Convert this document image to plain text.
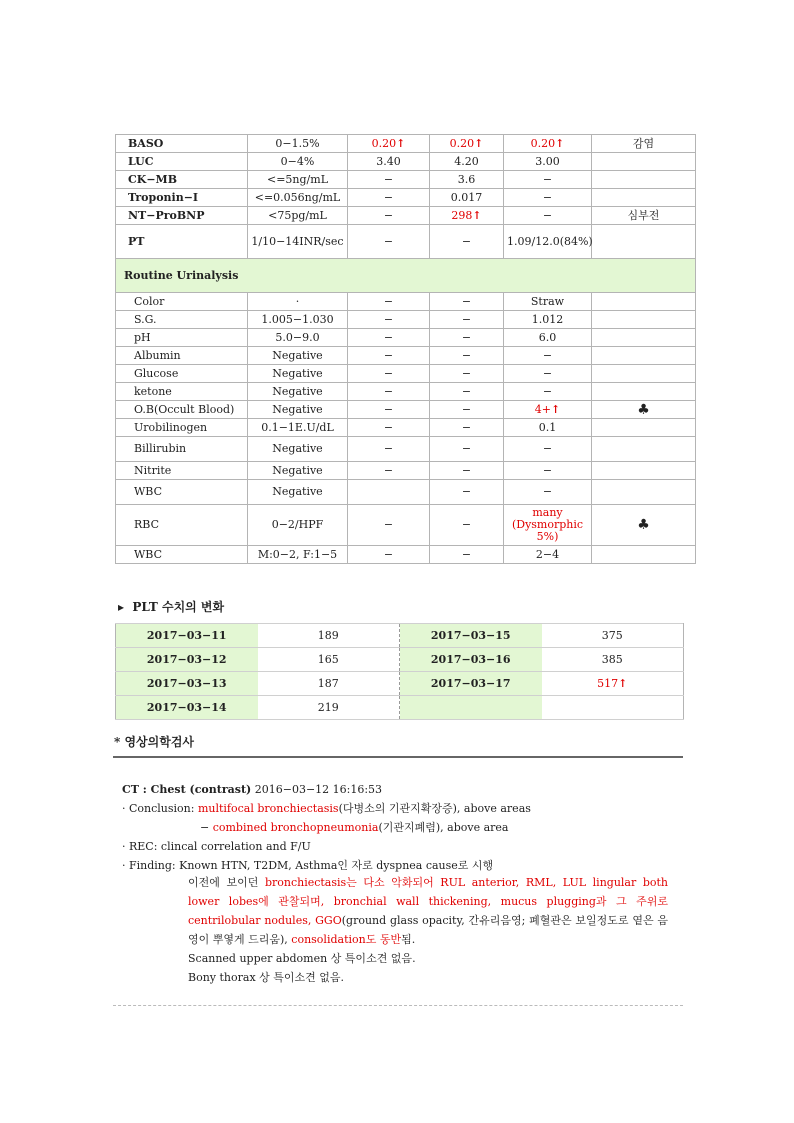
BASO	0−1.5%	0.20↑	0.20↑	0.20↑	감염
LUC	0−4%	3.40	4.20	3.00	
CK−MB	<=5ng/mL	−	3.6	−	
Troponin−I	<=0.056ng/mL	−	0.017	−	
NT−ProBNP	<75pg/mL	−	298↑	−	심부전
PT	1/10−14INR/sec	−	−	1.09/12.0(84%)	
Routine Urinalysis					
Color	·	−	−	Straw	
S.G.	1.005−1.030	−	−	1.012	
pH	5.0−9.0	−	−	6.0	
Albumin	Negative	−	−	−	
Glucose	Negative	−	−	−	
ketone	Negative	−	−	−	
O.B(Occult Blood)	Negative	−	−	4+↑	♣
Urobilinogen	0.1−1E.U/dL	−	−	0.1	
Billirubin	Negative	−	−	−	
Nitrite	Negative	−	−	−	
WBC	Negative		−	−	
RBC	0−2/HPF	−	−	many (Dysmorphic 5%)	♣
WBC	M:0−2, F:1−5	−	−	2−4	
▸ PLT 수치의 변화
2017−03−11	189	2017−03−15	375
2017−03−12	165	2017−03−16	385
2017−03−13	187	2017−03−17	517↑
2017−03−14	219		
* 영상의학검사
CT : Chest (contrast) 2016−03−12 16:16:53
· Conclusion: multifocal bronchiectasis(다병소의 기관지확장증), above areas
− combined bronchopneumonia(기관지폐렴), above area
· REC: clincal correlation and F/U
· Finding: Known HTN, T2DM, Asthma인 자로 dyspnea cause로 시행

이전에 보이던 bronchiectasis는 다소 악화되어 RUL anterior, RML, LUL lingular both lower lobes에 관찰되며, bronchial wall thickening, mucus plugging과 그 주위로 centrilobular nodules, GGO(ground glass opacity, 간유리음영; 폐혈관은 보일정도로 옅은 음영이 뿌옇게 드리움), consolidation도 동반됨.

Scanned upper abdomen 상 특이소견 없음.

Bony thorax 상 특이소견 없음.
